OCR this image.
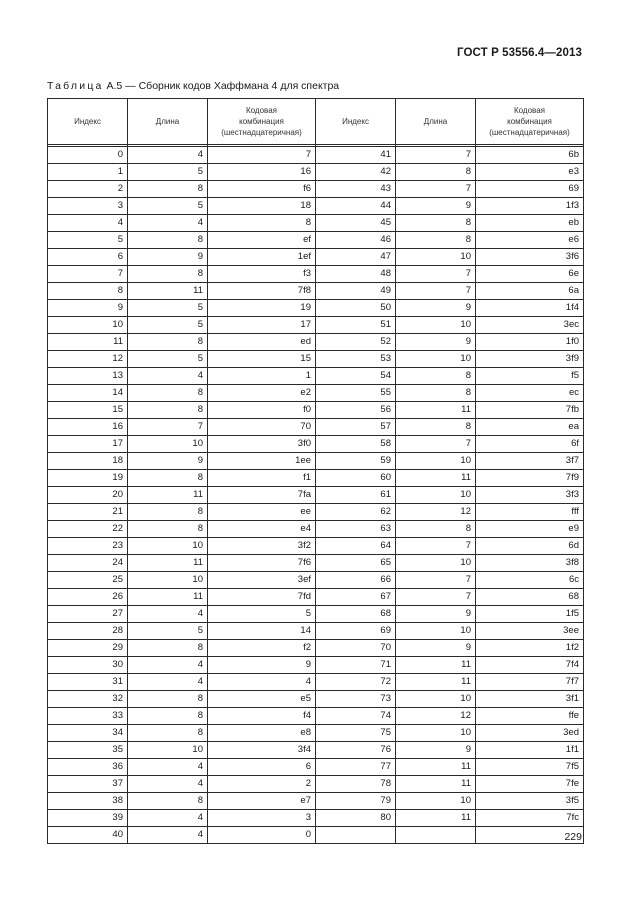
ГОСТ Р 53556.4—2013
Таблица А.5 — Сборник кодов Хаффмана 4 для спектра
Индекс	Длина	Кодовая
комбинация
(шестнадцатеричная)	Индекс	Длина	Кодовая
комбинация
(шестнадцатеричная)

0	4	7	41	7	6b
1	5	16	42	8	e3
2	8	f6	43	7	69
3	5	18	44	9	1f3
4	4	8	45	8	eb
5	8	ef	46	8	e6
6	9	1ef	47	10	3f6
7	8	f3	48	7	6e
8	11	7f8	49	7	6a
9	5	19	50	9	1f4
10	5	17	51	10	3ec
11	8	ed	52	9	1f0
12	5	15	53	10	3f9
13	4	1	54	8	f5
14	8	e2	55	8	ec
15	8	f0	56	11	7fb
16	7	70	57	8	ea
17	10	3f0	58	7	6f
18	9	1ee	59	10	3f7
19	8	f1	60	11	7f9
20	11	7fa	61	10	3f3
21	8	ee	62	12	fff
22	8	e4	63	8	e9
23	10	3f2	64	7	6d
24	11	7f6	65	10	3f8
25	10	3ef	66	7	6c
26	11	7fd	67	7	68
27	4	5	68	9	1f5
28	5	14	69	10	3ee
29	8	f2	70	9	1f2
30	4	9	71	11	7f4
31	4	4	72	11	7f7
32	8	e5	73	10	3f1
33	8	f4	74	12	ffe
34	8	e8	75	10	3ed
35	10	3f4	76	9	1f1
36	4	6	77	11	7f5
37	4	2	78	11	7fe
38	8	e7	79	10	3f5
39	4	3	80	11	7fc
40	4	0				229
